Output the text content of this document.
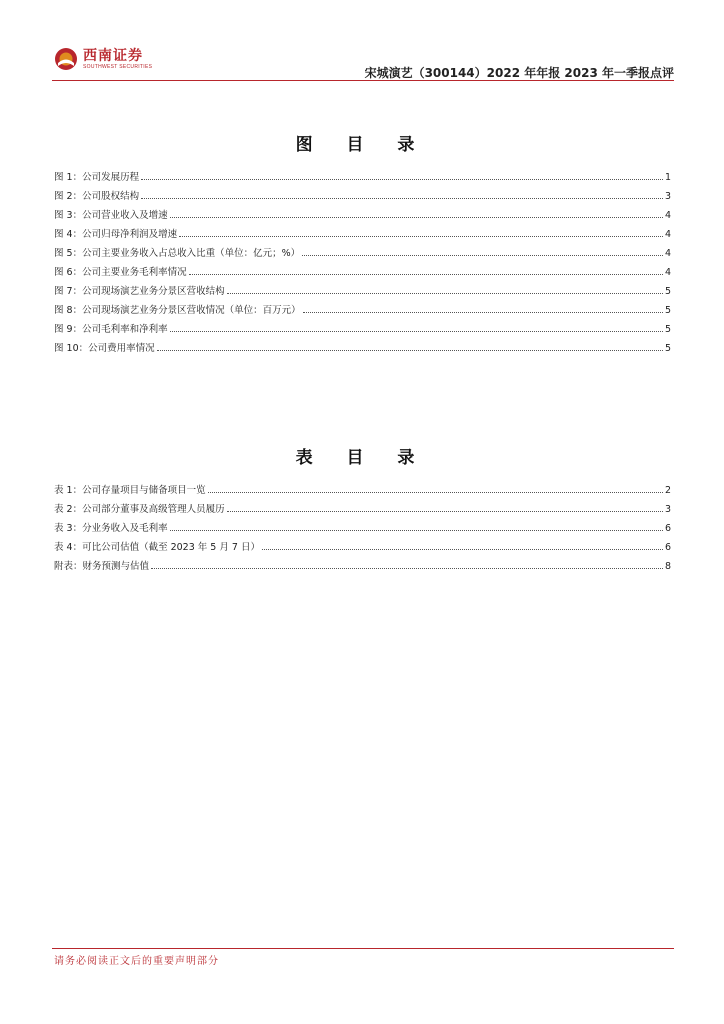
西南证券
SOUTHWEST SECURITIES	宋城演艺（300144）2022 年年报 2023 年一季报点评
图 目 录
图 1：公司发展历程	1
图 2：公司股权结构	3
图 3：公司营业收入及增速	4
图 4：公司归母净利润及增速	4
图 5：公司主要业务收入占总收入比重（单位：亿元；%）	4
图 6：公司主要业务毛利率情况	4
图 7：公司现场演艺业务分景区营收结构	5
图 8：公司现场演艺业务分景区营收情况（单位：百万元）	5
图 9：公司毛利率和净利率	5
图 10：公司费用率情况	5
表 目 录
表 1：公司存量项目与储备项目一览	2
表 2：公司部分董事及高级管理人员履历	3
表 3：分业务收入及毛利率	6
表 4：可比公司估值（截至 2023 年 5 月 7 日）	6
附表：财务预测与估值	8
请务必阅读正文后的重要声明部分
